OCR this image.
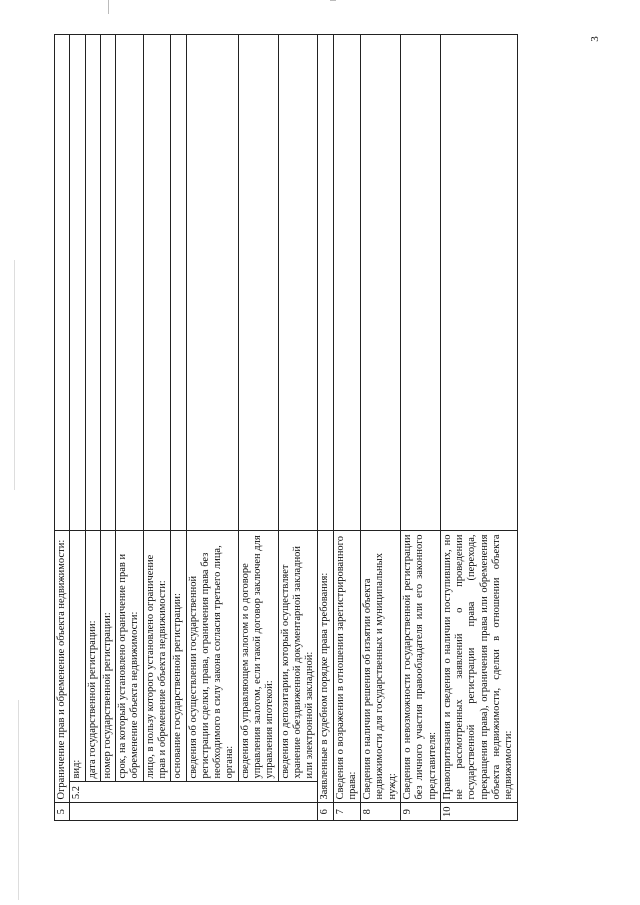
3
5	Ограничение прав и обременение объекта недвижимости:		
	5.2	вид:	
		дата государственной регистрации:	
		номер государственной регистрации:	
		срок, на который установлено ограничение прав и обременение объекта недвижимости:	
		лицо, в пользу которого установлено ограничение прав и обременение объекта недвижимости:	
		основание государственной регистрации:	
		сведения об осуществлении государственной регистрации сделки, права, ограничения права без необходимого в силу закона согласия третьего лица, органа:	
		сведения об управляющем залогом и о договоре управления залогом, если такой договор заключен для управления ипотекой:	
		сведения о депозитарии, который осуществляет хранение обездвиженной документарной закладной или электронной закладной:	
6	Заявленные в судебном порядке права требования:		
7	Сведения о возражении в отношении зарегистрированного права:		
8	Сведения о наличии решения об изъятии объекта недвижимости для государственных и муниципальных нужд:		
9	Сведения о невозможности государственной регистрации без личного участия правообладателя или его законного представителя:		
10	Правопритязания и сведения о наличии поступивших, но не рассмотренных заявлений о проведении государственной регистрации права (перехода, прекращения права), ограничения права или обременения объекта недвижимости, сделки в отношении объекта недвижимости:		
